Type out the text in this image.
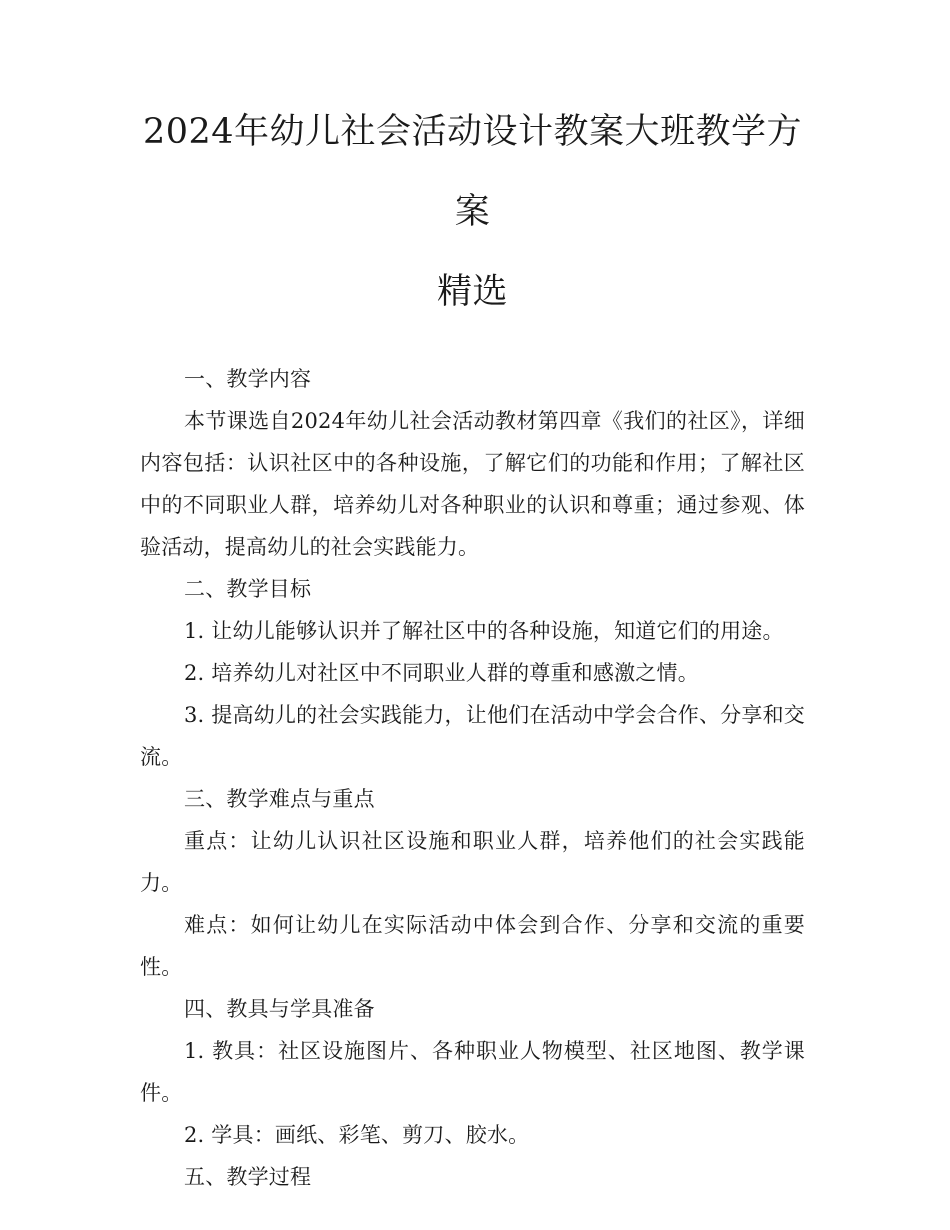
2024年幼儿社会活动设计教案大班教学方案
精选

一、教学内容

本节课选自2024年幼儿社会活动教材第四章《我们的社区》，详细内容包括：认识社区中的各种设施，了解它们的功能和作用；了解社区中的不同职业人群，培养幼儿对各种职业的认识和尊重；通过参观、体验活动，提高幼儿的社会实践能力。

二、教学目标

1. 让幼儿能够认识并了解社区中的各种设施，知道它们的用途。

2. 培养幼儿对社区中不同职业人群的尊重和感激之情。

3. 提高幼儿的社会实践能力，让他们在活动中学会合作、分享和交流。

三、教学难点与重点

重点：让幼儿认识社区设施和职业人群，培养他们的社会实践能力。

难点：如何让幼儿在实际活动中体会到合作、分享和交流的重要性。

四、教具与学具准备

1. 教具：社区设施图片、各种职业人物模型、社区地图、教学课件。

2. 学具：画纸、彩笔、剪刀、胶水。

五、教学过程
